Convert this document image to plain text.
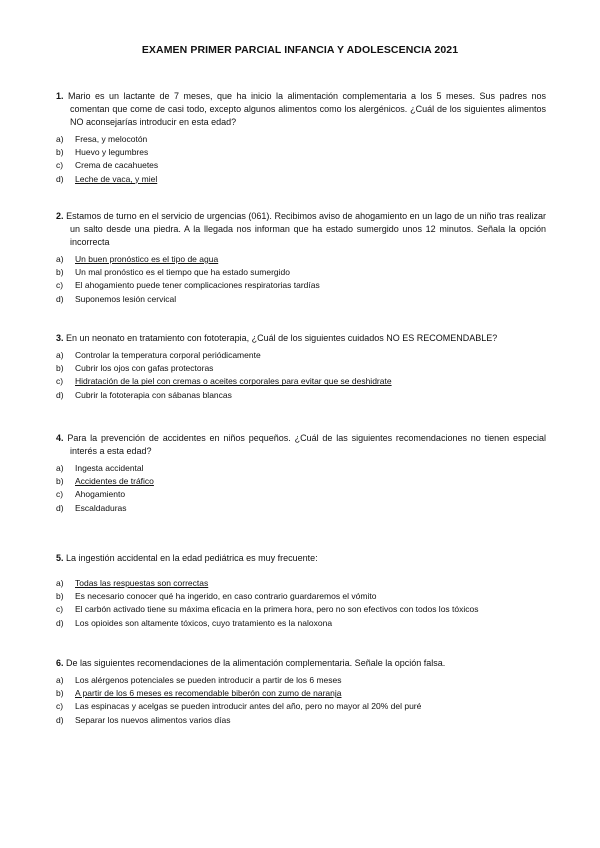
EXAMEN PRIMER PARCIAL INFANCIA Y ADOLESCENCIA 2021
1. Mario es un lactante de 7 meses, que ha inicio la alimentación complementaria a los 5 meses. Sus padres nos comentan que come de casi todo, excepto algunos alimentos como los alergénicos. ¿Cuál de los siguientes alimentos NO aconsejarías introducir en esta edad?
a)	Fresa, y melocotón
b)	Huevo y legumbres
c)	Crema de cacahuetes
d)	Leche de vaca, y miel
2. Estamos de turno en el servicio de urgencias (061). Recibimos aviso de ahogamiento en un lago de un niño tras realizar un salto desde una piedra. A la llegada nos informan que ha estado sumergido unos 12 minutos. Señala la opción incorrecta
a)	Un buen pronóstico es el tipo de agua
b)	Un mal pronóstico es el tiempo que ha estado sumergido
c)	El ahogamiento puede tener complicaciones respiratorias tardías
d)	Suponemos lesión cervical
3. En un neonato en tratamiento con fototerapia, ¿Cuál de los siguientes cuidados NO ES RECOMENDABLE?
a)	Controlar la temperatura corporal periódicamente
b)	Cubrir los ojos con gafas protectoras
c)	Hidratación de la piel con cremas o aceites corporales para evitar que se deshidrate
d)	Cubrir la fototerapia con sábanas blancas
4. Para la prevención de accidentes en niños pequeños. ¿Cuál de las siguientes recomendaciones no tienen especial interés a esta edad?
a)	Ingesta accidental
b)	Accidentes de tráfico
c)	Ahogamiento
d)	Escaldaduras
5. La ingestión accidental en la edad pediátrica es muy frecuente:
a)	Todas las respuestas son correctas
b)	Es necesario conocer qué ha ingerido, en caso contrario guardaremos el vómito
c)	El carbón activado tiene su máxima eficacia en la primera hora, pero no son efectivos con todos los tóxicos
d)	Los opioides son altamente tóxicos, cuyo tratamiento es la naloxona
6. De las siguientes recomendaciones de la alimentación complementaria. Señale la opción falsa.
a)	Los alérgenos potenciales se pueden introducir a partir de los 6 meses
b)	A partir de los 6 meses es recomendable biberón con zumo de naranja
c)	Las espinacas y acelgas se pueden introducir antes del año, pero no mayor al 20% del puré
d)	Separar los nuevos alimentos varios días
